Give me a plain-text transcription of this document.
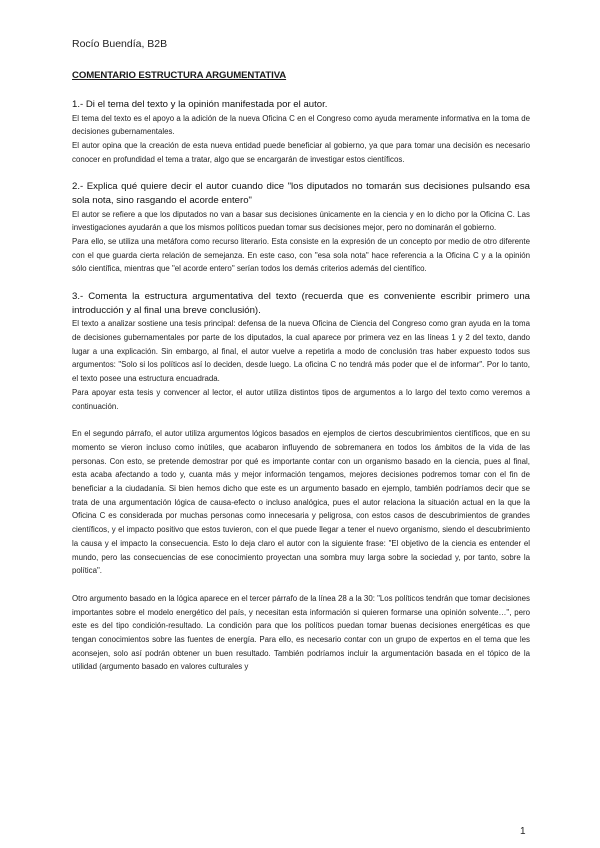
Rocío Buendía, B2B

COMENTARIO ESTRUCTURA ARGUMENTATIVA

1.- Di el tema del texto y la opinión manifestada por el autor.

El tema del texto es el apoyo a la adición de la nueva Oficina C en el Congreso como ayuda meramente informativa en la toma de decisiones gubernamentales.

El autor opina que la creación de esta nueva entidad puede beneficiar al gobierno, ya que para tomar una decisión es necesario conocer en profundidad el tema a tratar, algo que se encargarán de investigar estos científicos.

2.- Explica qué quiere decir el autor cuando dice "los diputados no tomarán sus decisiones pulsando esa sola nota, sino rasgando el acorde entero"

El autor se refiere a que los diputados no van a basar sus decisiones únicamente en la ciencia y en lo dicho por la Oficina C. Las investigaciones ayudarán a que los mismos políticos puedan tomar sus decisiones mejor, pero no dominarán el gobierno.

Para ello, se utiliza una metáfora como recurso literario. Esta consiste en la expresión de un concepto por medio de otro diferente con el que guarda cierta relación de semejanza. En este caso, con "esa sola nota" hace referencia a la Oficina C y a la opinión sólo científica, mientras que "el acorde entero" serían todos los demás criterios además del científico.

3.- Comenta la estructura argumentativa del texto (recuerda que es conveniente escribir primero una introducción y al final una breve conclusión).

El texto a analizar sostiene una tesis principal: defensa de la nueva Oficina de Ciencia del Congreso como gran ayuda en la toma de decisiones gubernamentales por parte de los diputados, la cual aparece por primera vez en las líneas 1 y 2 del texto, dando lugar a una explicación. Sin embargo, al final, el autor vuelve a repetirla a modo de conclusión tras haber expuesto todos sus argumentos: "Solo si los políticos así lo deciden, desde luego. La oficina C no tendrá más poder que el de informar". Por lo tanto, el texto posee una estructura encuadrada.

Para apoyar esta tesis y convencer al lector, el autor utiliza distintos tipos de argumentos a lo largo del texto como veremos a continuación.

En el segundo párrafo, el autor utiliza argumentos lógicos basados en ejemplos de ciertos descubrimientos científicos, que en su momento se vieron incluso como inútiles, que acabaron influyendo de sobremanera en todos los ámbitos de la vida de las personas. Con esto, se pretende demostrar por qué es importante contar con un organismo basado en la ciencia, pues al final, esta acaba afectando a todo y, cuanta más y mejor información tengamos, mejores decisiones podremos tomar con el fin de beneficiar a la ciudadanía. Si bien hemos dicho que este es un argumento basado en ejemplo, también podríamos decir que se trata de una argumentación lógica de causa-efecto o incluso analógica, pues el autor relaciona la situación actual en la que la Oficina C es considerada por muchas personas como innecesaria y peligrosa, con estos casos de descubrimientos de grandes científicos, y el impacto positivo que estos tuvieron, con el que puede llegar a tener el nuevo organismo, siendo el descubrimiento la causa y el impacto la consecuencia. Esto lo deja claro el autor con la siguiente frase: "El objetivo de la ciencia es entender el mundo, pero las consecuencias de ese conocimiento proyectan una sombra muy larga sobre la sociedad y, por tanto, sobre la política".

Otro argumento basado en la lógica aparece en el tercer párrafo de la línea 28 a la 30: "Los políticos tendrán que tomar decisiones importantes sobre el modelo energético del país, y necesitan esta información si quieren formarse una opinión solvente…", pero este es del tipo condición-resultado. La condición para que los políticos puedan tomar buenas decisiones energéticas es que tengan conocimientos sobre las fuentes de energía. Para ello, es necesario contar con un grupo de expertos en el tema que les aconsejen, solo así podrán obtener un buen resultado. También podríamos incluir la argumentación basada en el tópico de la utilidad (argumento basado en valores culturales y

1
